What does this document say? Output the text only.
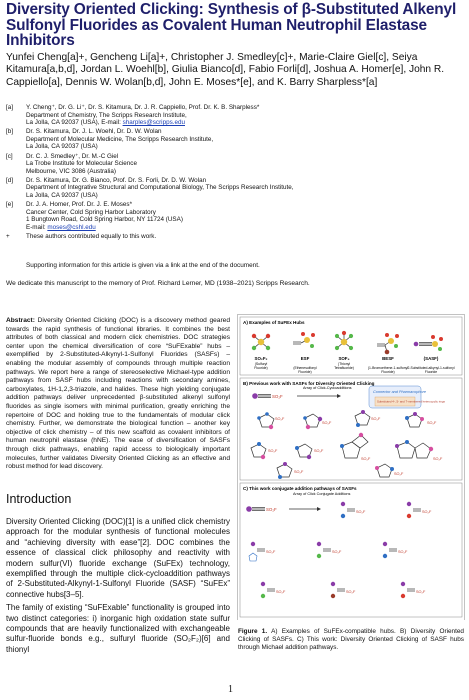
Diversity Oriented Clicking: Synthesis of β-Substituted Alkenyl Sulfonyl Fluorides as Covalent Human Neutrophil Elastase Inhibitors
Yunfei Cheng[a]+, Gencheng Li[a]+, Christopher J. Smedley[c]+, Marie-Claire Giel[c], Seiya Kitamura[a,b,d], Jordan L. Woehl[b], Giulia Bianco[d], Fabio Forli[d], Joshua A. Homer[e], John R. Cappiello[a], Dennis W. Wolan[b,d], John E. Moses*[e], and K. Barry Sharpless*[a]
[a] Y. Cheng⁺, Dr. G. Li⁺, Dr. S. Kitamura, Dr. J. R. Cappiello, Prof. Dr. K. B. Sharpless*
Department of Chemistry, The Scripps Research Institute,
La Jolla, CA 92037 (USA), E-mail: sharples@scripps.edu
[b] Dr. S. Kitamura, Dr. J. L. Woehl, Dr. D. W. Wolan
Department of Molecular Medicine, The Scripps Research Institute,
La Jolla, CA 92037 (USA)
[c] Dr. C. J. Smedley⁺, Dr. M.-C Giel
La Trobe Institute for Molecular Science
Melbourne, VIC 3086 (Australia)
[d] Dr. S. Kitamura, Dr. G. Bianco, Prof. Dr. S. Forli, Dr. D. W. Wolan
Department of Integrative Structural and Computational Biology, The Scripps Research Institute,
La Jolla, CA 92037 (USA)
[e] Dr. J. A. Homer, Prof. Dr. J. E. Moses*
Cancer Center, Cold Spring Harbor Laboratory
1 Bungtown Road, Cold Spring Harbor, NY 11724 (USA)
E-mail: moses@cshl.edu
+	These authors contributed equally to this work.
Supporting information for this article is given via a link at the end of the document.
We dedicate this manuscript to the memory of Prof. Richard Lerner, MD (1938–2021) Scripps Research.
Abstract: Diversity Oriented Clicking (DOC) is a discovery method geared towards the rapid synthesis of functional libraries. It combines the best attributes of both classical and modern click chemistries. DOC strategies center upon the chemical diversification of core “SuFExable” hubs – exemplified by 2-Substituted-Alkynyl-1-Sulfonyl Fluorides (SASFs) – enabling the modular assembly of compounds through multiple reaction pathways. We report here a range of stereoselective Michael-type addition pathways from SASF hubs including reactions with secondary amines, carboxylates, 1H-1,2,3-triazole, and halides. These high yielding conjugate addition pathways deliver unprecedented β-substituted alkenyl sulfonyl fluorides as single isomers with minimal purification, greatly enriching the repertoire of DOC and holding true to the fundamentals of modular click chemistry. Further, we demonstrate the biological function – another key objective of click chemistry – of this new scaffold as covalent inhibitors of human neutrophil elastase (hNE). The ease of diversification of SASFs through click pathways, enabling rapid access to biologically important molecules, further validates Diversity Oriented Clicking as an effective and robust method for lead discovery.
Introduction

Diversity Oriented Clicking (DOC)[1] is a unified click chemistry approach for the modular synthesis of functional molecules and “achieving diversity with ease”[2]. DOC combines the essence of classical click philosophy and reactivity with modern sulfur(VI) fluoride exchange (SuFEx) technology, exemplified through the multiple click-cycloaddition pathways of 2-Substituted-Alkynyl-1-Sulfonyl Fluoride (SASF) “SuFEx” connective hubs[3–5].

The family of existing “SuFExable” functionality is grouped into two distinct categories: i) inorganic high oxidation state sulfur compounds that are heavily functionalized with exchangeable sulfur-fluoride bonds e.g., sulfuryl fluoride (SO₂F₂)[6] and thionyl

A) Examples of SuFEx Hubs
SO₂F₂
(Sulfuryl
Fluoride)
ESF
(Ethenesulfonyl
Fluoride)
SOF₄
(Thionyl
Tetrafluoride)
BESF
(1-Bromoethene-1-sulfonyl
Fluoride)
(SASF)
2-Substituted-alkynyl-1-sulfonyl
Fluoride
B) Previous work with SASFs for Diversity Oriented Clicking
SO₂F
Array of Click-Cycloadditions
Connector and Pharmacophore
Substituted 4-, 5- and 7-membered heterocyclic rings
SO₂F
SO₂F
SO₂F
SO₂F
SO₂F	SO₂F
SO₂F	SO₂F
SO₂F	SO₂F
C) This work conjugate addition pathways of SASFs
SO₂F
Array of Click Conjugate Additions
SO₂F	SO₂F
SO₂F	SO₂F	SO₂F
SO₂F	SO₂F	SO₂F
Figure 1. A) Examples of SuFEx-compatible hubs. B) Diversity Oriented Clicking of SASFs. C) This work: Diversity Oriented Clicking of SASF hubs through Michael addition pathways.
1
